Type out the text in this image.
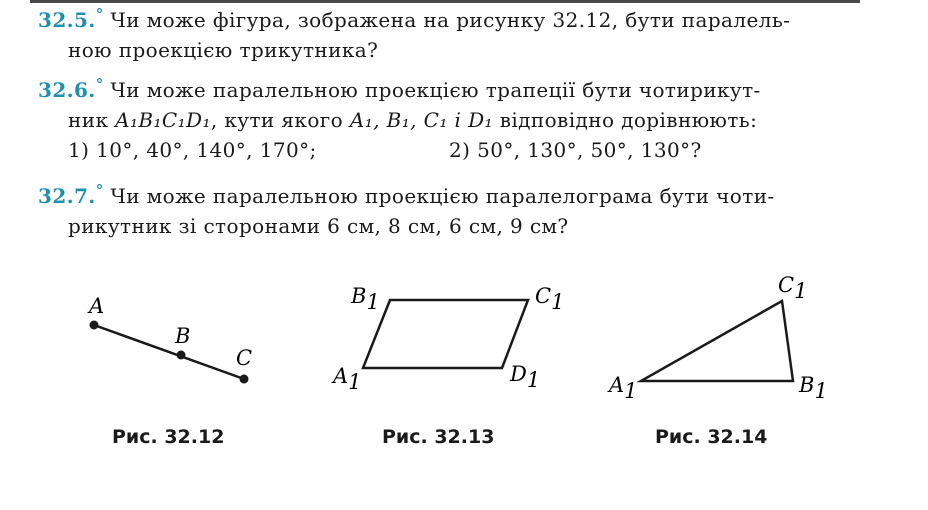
32.5.° Чи може фігура, зображена на рисунку 32.12, бути паралель-
ною проекцією трикутника?
32.6.° Чи може паралельною проекцією трапеції бути чотирикут-
ник A₁B₁C₁D₁, кути якого A₁, B₁, C₁ і D₁ відповідно дорівнюють:
1) 10°, 40°, 140°, 170°;	2) 50°, 130°, 50°, 130°?
32.7.° Чи може паралельною проекцією паралелограма бути чоти-
рикутник зі сторонами 6 см, 8 см, 6 см, 9 см?
A
B
C
B1	C1
A1	D1	A1	B1
C1
Рис. 32.12	Рис. 32.13	Рис. 32.14
